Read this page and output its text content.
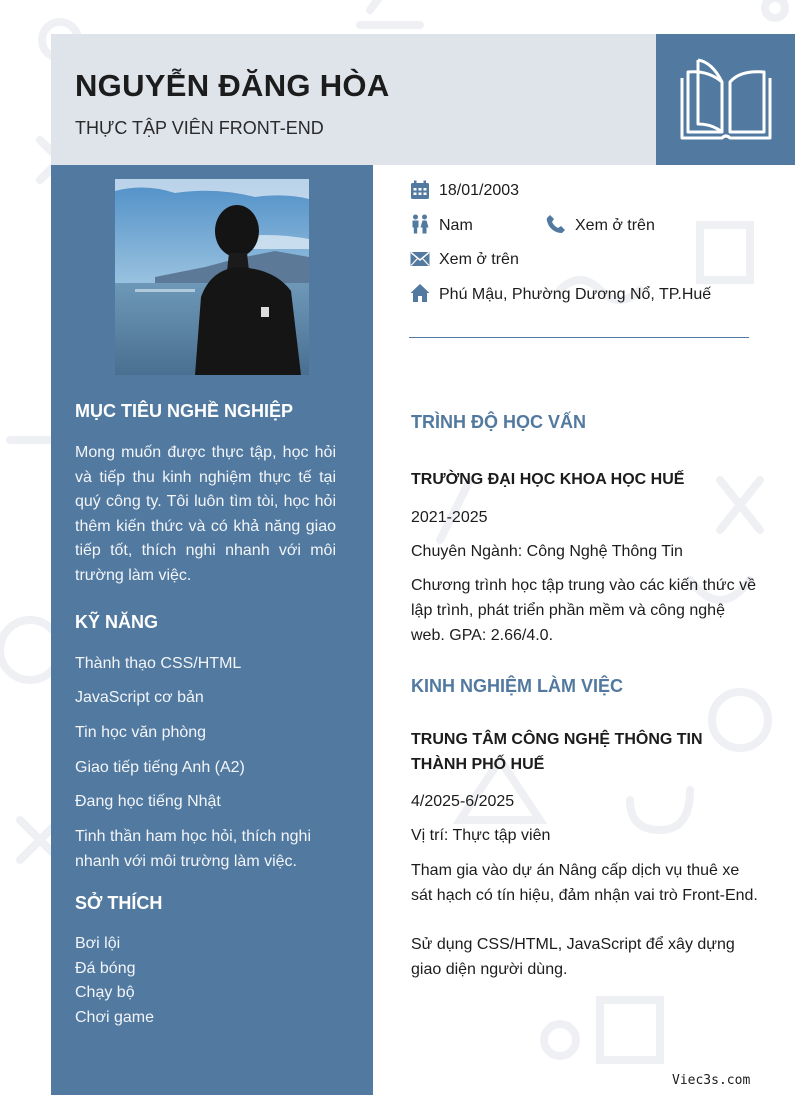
NGUYỄN ĐĂNG HÒA
THỰC TẬP VIÊN FRONT-END
MỤC TIÊU NGHỀ NGHIỆP
Mong muốn được thực tập, học hỏi và tiếp thu kinh nghiệm thực tế tại quý công ty. Tôi luôn tìm tòi, học hỏi thêm kiến thức và có khả năng giao tiếp tốt, thích nghi nhanh với môi trường làm việc.
KỸ NĂNG
Thành thạo CSS/HTML
JavaScript cơ bản
Tin học văn phòng
Giao tiếp tiếng Anh (A2)
Đang học tiếng Nhật
Tinh thần ham học hỏi, thích nghi nhanh với môi trường làm việc.
SỞ THÍCH
Bơi lội
Đá bóng
Chạy bộ
Chơi game
18/01/2003
Nam	Xem ở trên
Xem ở trên
Phú Mậu, Phường Dương Nổ, TP.Huế
TRÌNH ĐỘ HỌC VẤN
TRƯỜNG ĐẠI HỌC KHOA HỌC HUẾ
2021-2025
Chuyên Ngành: Công Nghệ Thông Tin
Chương trình học tập trung vào các kiến thức về lập trình, phát triển phần mềm và công nghệ web. GPA: 2.66/4.0.
KINH NGHIỆM LÀM VIỆC
TRUNG TÂM CÔNG NGHỆ THÔNG TIN THÀNH PHỐ HUẾ
4/2025-6/2025
Vị trí: Thực tập viên
Tham gia vào dự án Nâng cấp dịch vụ thuê xe sát hạch có tín hiệu, đảm nhận vai trò Front-End.
Sử dụng CSS/HTML, JavaScript để xây dựng giao diện người dùng.
Viec3s.com
